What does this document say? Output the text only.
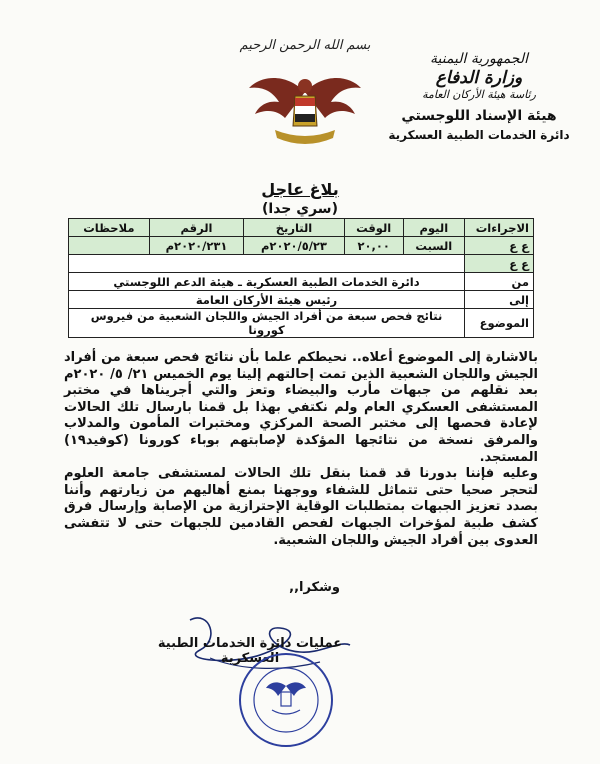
بسم الله الرحمن الرحيم
الجمهورية اليمنية
وزارة الدفاع
رئاسة هيئة الأركان العامة
هيئة الإسناد اللوجستي
دائرة الخدمات الطبية العسكرية
بلاغ عاجل
(سري جدا)
الاجراءات	اليوم	الوقت	التاريخ	الرقم	ملاحظات
ع ع	السبت	٢٠,٠٠	٢٠٢٠/٥/٢٣م	٢٠٢٠/٢٣١م	
ع ع					
من	دائرة الخدمات الطبية العسكرية ـ هيئة الدعم اللوجستي				
إلى	رئيس هيئة الأركان العامة				
الموضوع	نتائج فحص سبعة من أفراد الجيش واللجان الشعبية من فيروس كورونا				

بالاشارة إلى الموضوع أعلاه.. نحيطكم علما بأن نتائج فحص سبعة من أفراد الجيش واللجان الشعبية الذين تمت إحالتهم إلينا يوم الخميس ٢١/ ٥/ ٢٠٢٠م بعد نقلهم من جبهات مأرب والبيضاء وتعز والتي أجريناها في مختبر المستشفى العسكري العام ولم نكتفي بهذا بل قمنا بارسال تلك الحالات لإعادة فحصها إلى مختبر الصحة المركزي ومختبرات المأمون والمدلاب والمرفق نسخة من نتائجها المؤكدة لإصابتهم بوباء كورونا (كوفيد١٩) المستجد.

وعليه فإننا بدورنا قد قمنا بنقل تلك الحالات لمستشفى جامعة العلوم لتحجر صحيا حتى تتماثل للشفاء ووجهنا بمنع أهاليهم من زيارتهم وأننا بصدد تعزيز الجبهات بمتطلبات الوقاية الإحترازية من الإصابة وإرسال فرق كشف طبية لمؤخرات الجبهات لفحص القادمين للجبهات حتى لا تتفشى العدوى بين أفراد الجيش واللجان الشعبية.

وشكرا,,
عمليات دائرة الخدمات الطبية العسكرية
